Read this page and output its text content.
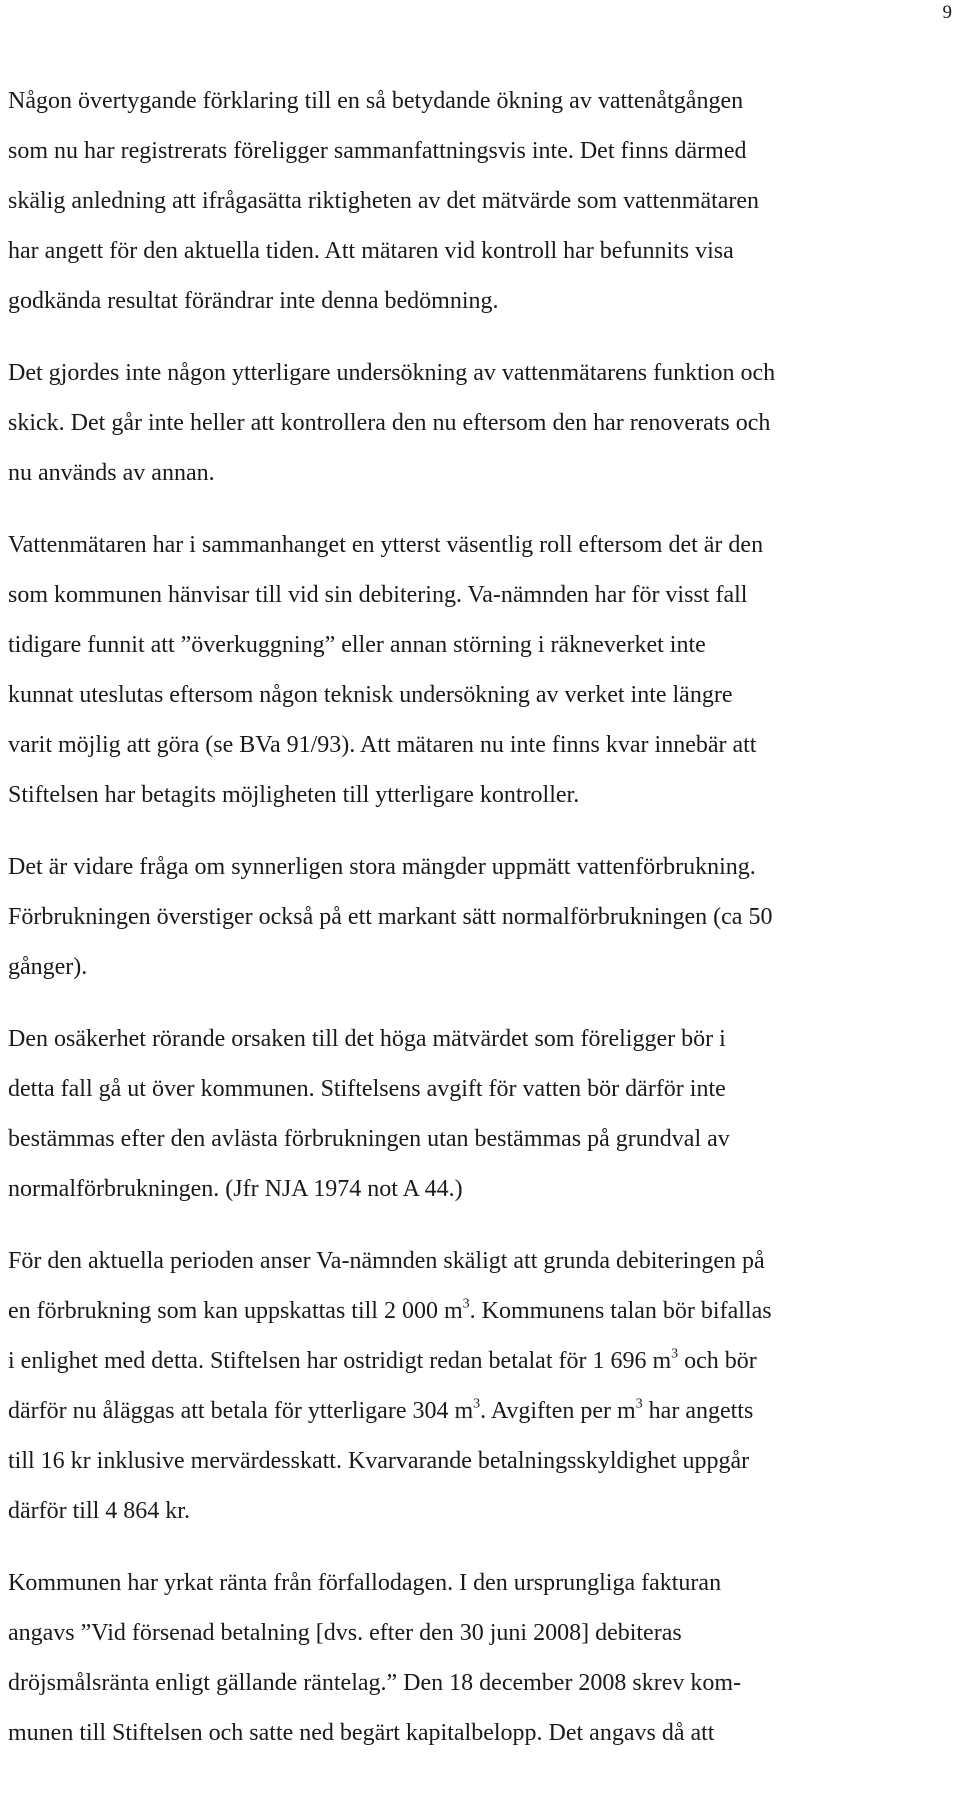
9

Någon övertygande förklaring till en så betydande ökning av vattenåtgången
som nu har registrerats föreligger sammanfattningsvis inte. Det finns därmed
skälig anledning att ifrågasätta riktigheten av det mätvärde som vattenmätaren
har angett för den aktuella tiden. Att mätaren vid kontroll har befunnits visa
godkända resultat förändrar inte denna bedömning.

Det gjordes inte någon ytterligare undersökning av vattenmätarens funktion och
skick. Det går inte heller att kontrollera den nu eftersom den har renoverats och
nu används av annan.

Vattenmätaren har i sammanhanget en ytterst väsentlig roll eftersom det är den
som kommunen hänvisar till vid sin debitering. Va-nämnden har för visst fall
tidigare funnit att ”överkuggning” eller annan störning i räkneverket inte
kunnat uteslutas eftersom någon teknisk undersökning av verket inte längre
varit möjlig att göra (se BVa 91/93). Att mätaren nu inte finns kvar innebär att
Stiftelsen har betagits möjligheten till ytterligare kontroller.

Det är vidare fråga om synnerligen stora mängder uppmätt vattenförbrukning.
Förbrukningen överstiger också på ett markant sätt normalförbrukningen (ca 50
gånger).

Den osäkerhet rörande orsaken till det höga mätvärdet som föreligger bör i
detta fall gå ut över kommunen. Stiftelsens avgift för vatten bör därför inte
bestämmas efter den avlästa förbrukningen utan bestämmas på grundval av
normalförbrukningen. (Jfr NJA 1974 not A 44.)

För den aktuella perioden anser Va-nämnden skäligt att grunda debiteringen på
en förbrukning som kan uppskattas till 2 000 $m^3$. Kommunens talan bör bifallas
i enlighet med detta. Stiftelsen har ostridigt redan betalat för 1 696 $m^3$ och bör
därför nu åläggas att betala för ytterligare 304 $m^3$. Avgiften per $m^3$ har angetts
till 16 kr inklusive mervärdesskatt. Kvarvarande betalningsskyldighet uppgår
därför till 4 864 kr.

Kommunen har yrkat ränta från förfallodagen. I den ursprungliga fakturan
angavs ”Vid försenad betalning [dvs. efter den 30 juni 2008] debiteras
dröjsmålsränta enligt gällande räntelag.” Den 18 december 2008 skrev kom-
munen till Stiftelsen och satte ned begärt kapitalbelopp. Det angavs då att
